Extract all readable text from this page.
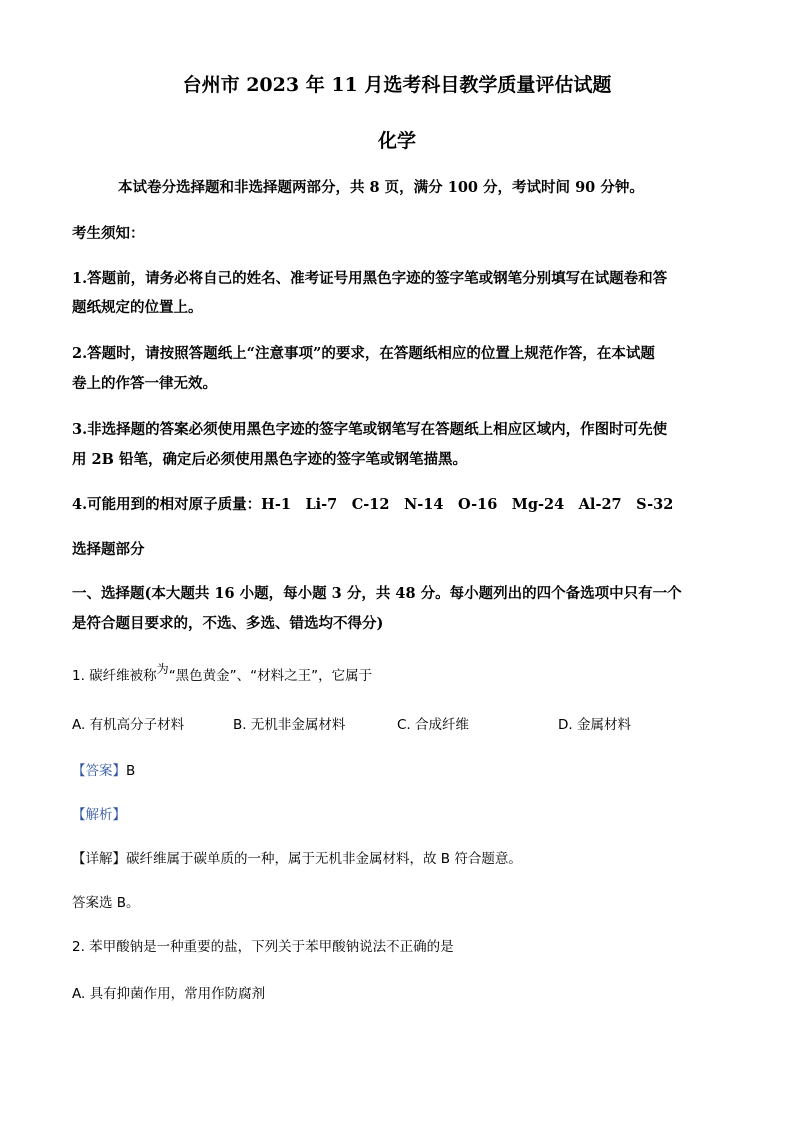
台州市 2023 年 11 月选考科目教学质量评估试题
化学
本试卷分选择题和非选择题两部分，共 8 页，满分 100 分，考试时间 90 分钟。
考生须知：
1.答题前，请务必将自己的姓名、准考证号用黑色字迹的签字笔或钢笔分别填写在试题卷和答
题纸规定的位置上。
2.答题时，请按照答题纸上“注意事项”的要求，在答题纸相应的位置上规范作答，在本试题
卷上的作答一律无效。
3.非选择题的答案必须使用黑色字迹的签字笔或钢笔写在答题纸上相应区域内，作图时可先使
用 2B 铅笔，确定后必须使用黑色字迹的签字笔或钢笔描黑。
4.可能用到的相对原子质量：H-1　Li-7　C-12　N-14　O-16　Mg-24　Al-27　S-32
选择题部分
一、选择题(本大题共 16 小题，每小题 3 分，共 48 分。每小题列出的四个备选项中只有一个
是符合题目要求的，不选、多选、错选均不得分)
1. 碳纤维被称为“黑色黄金”、“材料之王”，它属于
A. 有机高分子材料	B. 无机非金属材料	C. 合成纤维	D. 金属材料
【答案】B
【解析】
【详解】碳纤维属于碳单质的一种，属于无机非金属材料，故 B 符合题意。
答案选 B。
2. 苯甲酸钠是一种重要的盐，下列关于苯甲酸钠说法不正确的是
A. 具有抑菌作用，常用作防腐剂
